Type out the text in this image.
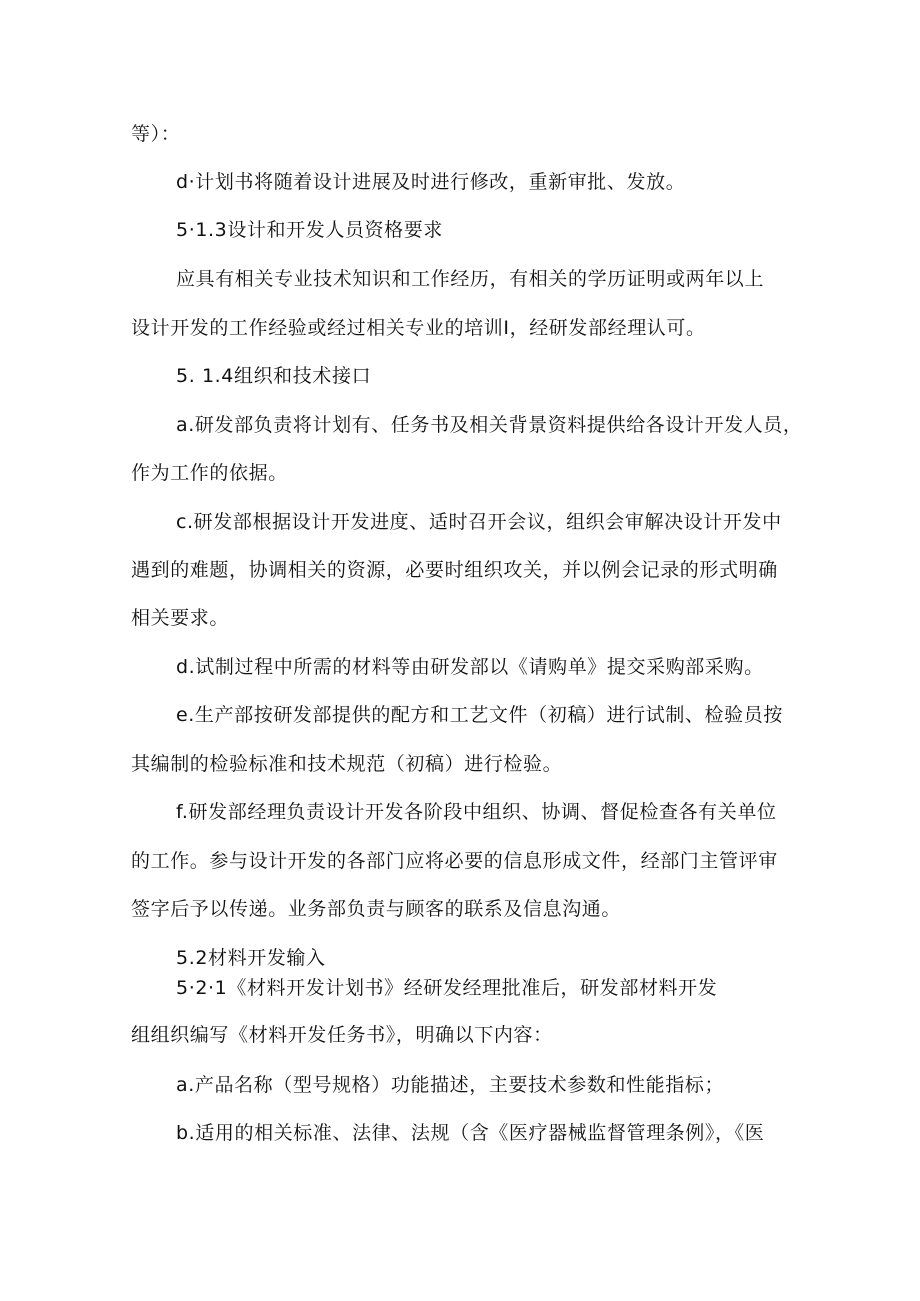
等）：
d·计划书将随着设计进展及时进行修改，重新审批、发放。
5·1.3设计和开发人员资格要求
应具有相关专业技术知识和工作经历，有相关的学历证明或两年以上
设计开发的工作经验或经过相关专业的培训I，经研发部经理认可。
5. 1.4组织和技术接口
a.研发部负责将计划有、任务书及相关背景资料提供给各设计开发人员，
作为工作的依据。
c.研发部根据设计开发进度、适时召开会议，组织会审解决设计开发中
遇到的难题，协调相关的资源，必要时组织攻关，并以例会记录的形式明确
相关要求。
d.试制过程中所需的材料等由研发部以《请购单》提交采购部采购。
e.生产部按研发部提供的配方和工艺文件（初稿）进行试制、检验员按
其编制的检验标准和技术规范（初稿）进行检验。
f.研发部经理负责设计开发各阶段中组织、协调、督促检查各有关单位
的工作。参与设计开发的各部门应将必要的信息形成文件，经部门主管评审
签字后予以传递。业务部负责与顾客的联系及信息沟通。
5.2材料开发输入
5·2·1《材料开发计划书》经研发经理批准后，研发部材料开发
组组织编写《材料开发任务书》，明确以下内容：
a.产品名称（型号规格）功能描述，主要技术参数和性能指标；
b.适用的相关标准、法律、法规（含《医疗器械监督管理条例》，《医
